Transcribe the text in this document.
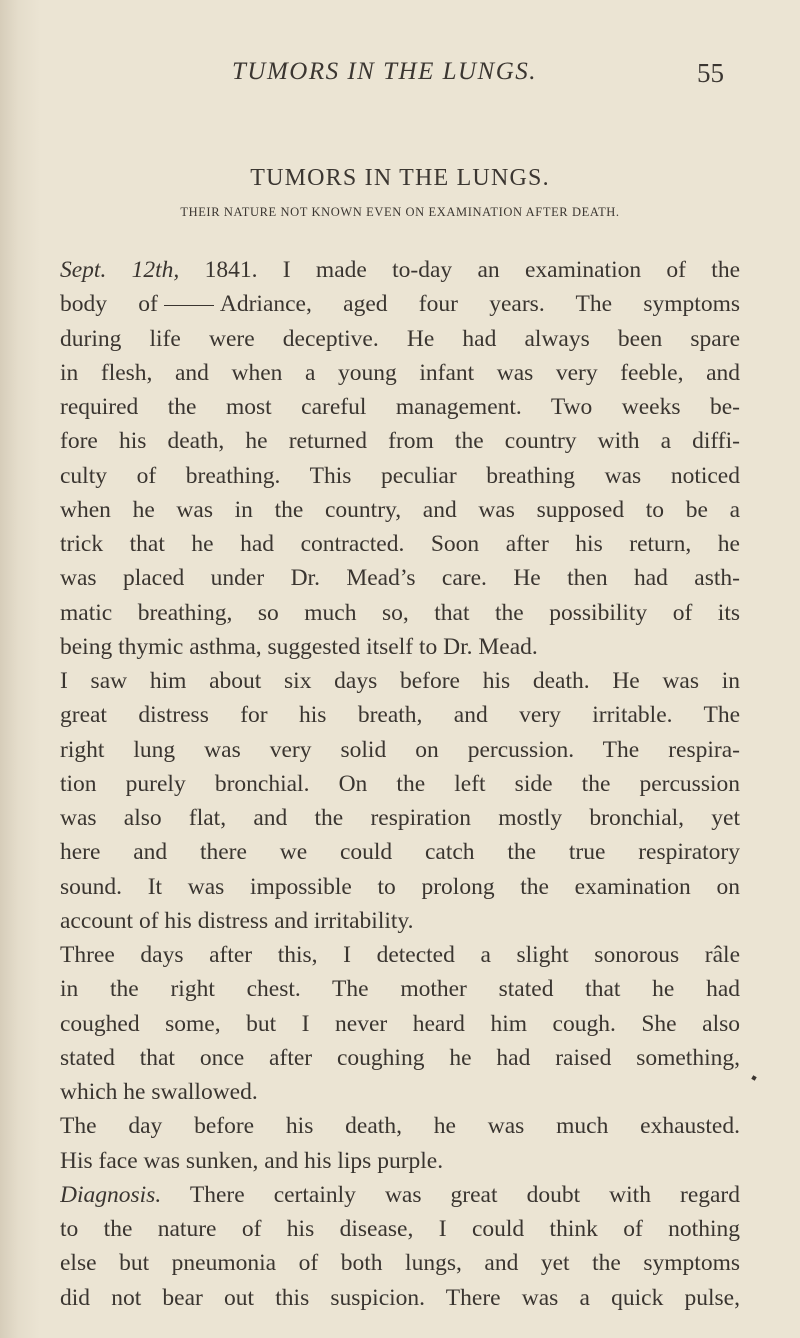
TUMORS IN THE LUNGS.	55
TUMORS IN THE LUNGS.
THEIR NATURE NOT KNOWN EVEN ON EXAMINATION AFTER DEATH.
Sept. 12th, 1841. I made to-day an examination of the
body of	Adriance, aged four years. The symptoms
during life were deceptive. He had always been spare
in flesh, and when a young infant was very feeble, and
required the most careful management. Two weeks be-
fore his death, he returned from the country with a diffi-
culty of breathing. This peculiar breathing was noticed
when he was in the country, and was supposed to be a
trick that he had contracted. Soon after his return, he
was placed under Dr. Mead’s care. He then had asth-
matic breathing, so much so, that the possibility of its
being thymic asthma, suggested itself to Dr. Mead.
I saw him about six days before his death. He was in
great distress for his breath, and very irritable. The
right lung was very solid on percussion. The respira-
tion purely bronchial. On the left side the percussion
was also flat, and the respiration mostly bronchial, yet
here and there we could catch the true respiratory
sound. It was impossible to prolong the examination on
account of his distress and irritability.
Three days after this, I detected a slight sonorous râle
in the right chest. The mother stated that he had
coughed some, but I never heard him cough. She also
stated that once after coughing he had raised something,
which he swallowed.
The day before his death, he was much exhausted.
His face was sunken, and his lips purple.
Diagnosis. There certainly was great doubt with regard
to the nature of his disease, I could think of nothing
else but pneumonia of both lungs, and yet the symptoms
did not bear out this suspicion. There was a quick pulse,
